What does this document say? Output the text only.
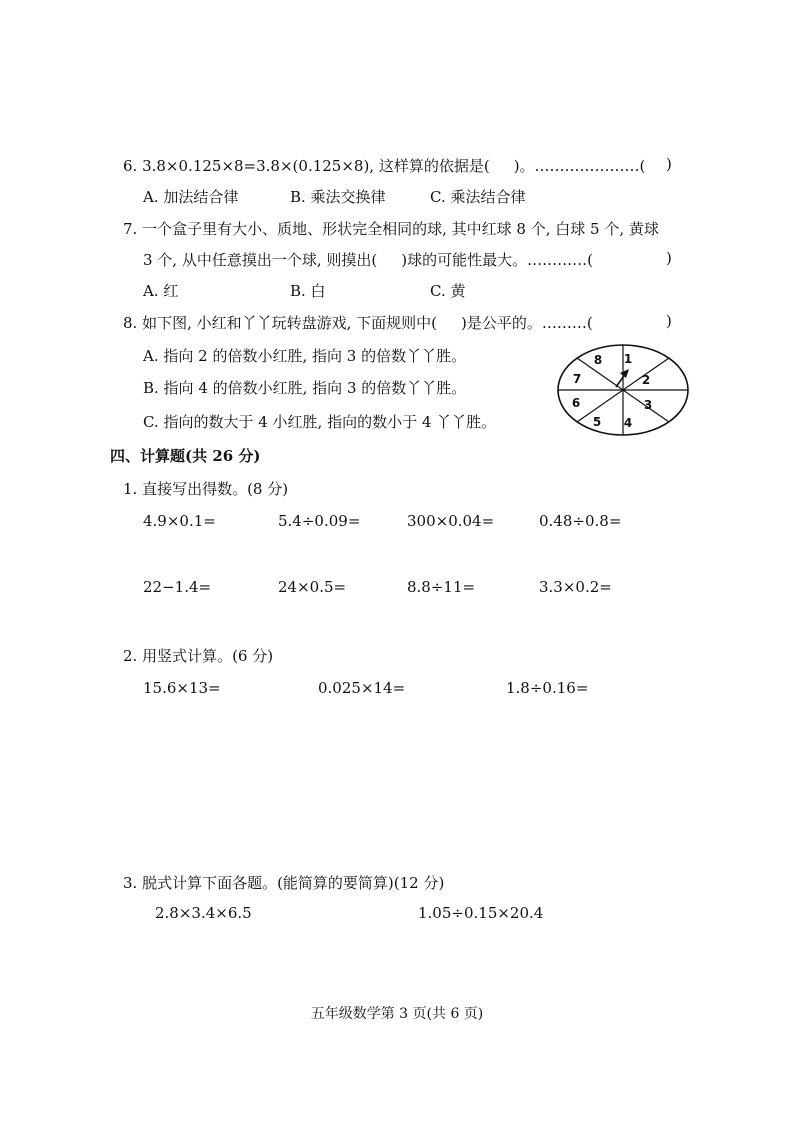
6. 3.8×0.125×8=3.8×(0.125×8), 这样算的依据是( )。…………………( )
A. 加法结合律	B. 乘法交换律	C. 乘法结合律
7. 一个盒子里有大小、质地、形状完全相同的球, 其中红球 8 个, 白球 5 个, 黄球
3 个, 从中任意摸出一个球, 则摸出( )球的可能性最大。…………(	)
A. 红	B. 白	C. 黄
8. 如下图, 小红和丫丫玩转盘游戏, 下面规则中( )是公平的。………(	)
A. 指向 2 的倍数小红胜, 指向 3 的倍数丫丫胜。
B. 指向 4 的倍数小红胜, 指向 3 的倍数丫丫胜。
C. 指向的数大于 4 小红胜, 指向的数小于 4 丫丫胜。
1
2
3
4
5
6
7
8
四、计算题(共 26 分)
1. 直接写出得数。(8 分)
4.9×0.1=	5.4÷0.09=	300×0.04=	0.48÷0.8=
22−1.4=	24×0.5=	8.8÷11=	3.3×0.2=
2. 用竖式计算。(6 分)
15.6×13=	0.025×14=	1.8÷0.16=
3. 脱式计算下面各题。(能简算的要简算)(12 分)
2.8×3.4×6.5	1.05÷0.15×20.4
五年级数学第 3 页(共 6 页)
